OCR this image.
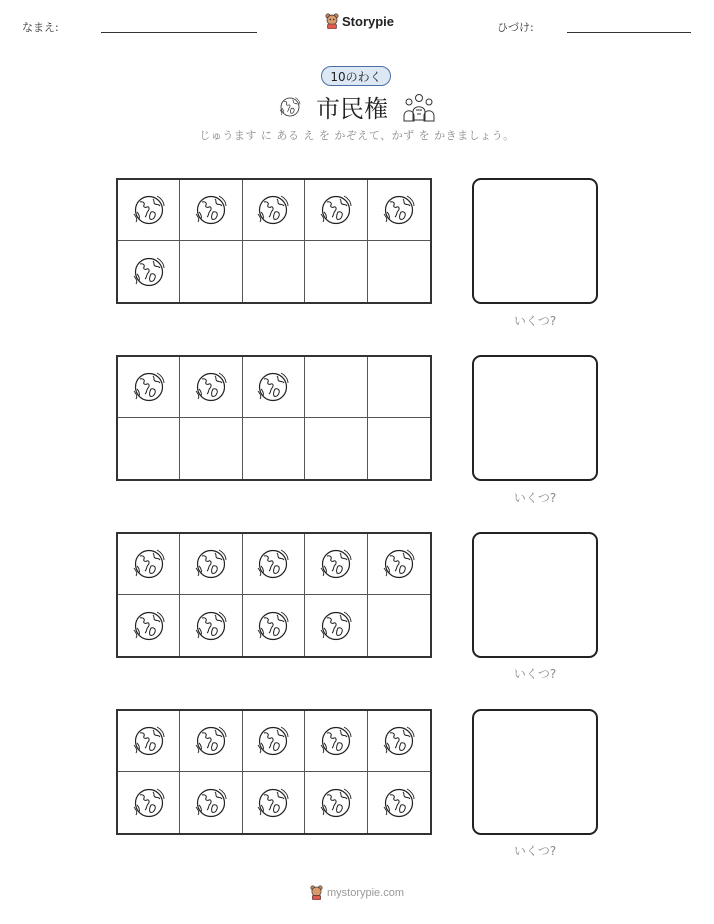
なまえ:	Storypie	ひづけ:
10のわく
市民権
じゅうます に ある え を かぞえて、かず を かきましょう。
いくつ?
いくつ?
いくつ?
いくつ?
mystorypie.com
